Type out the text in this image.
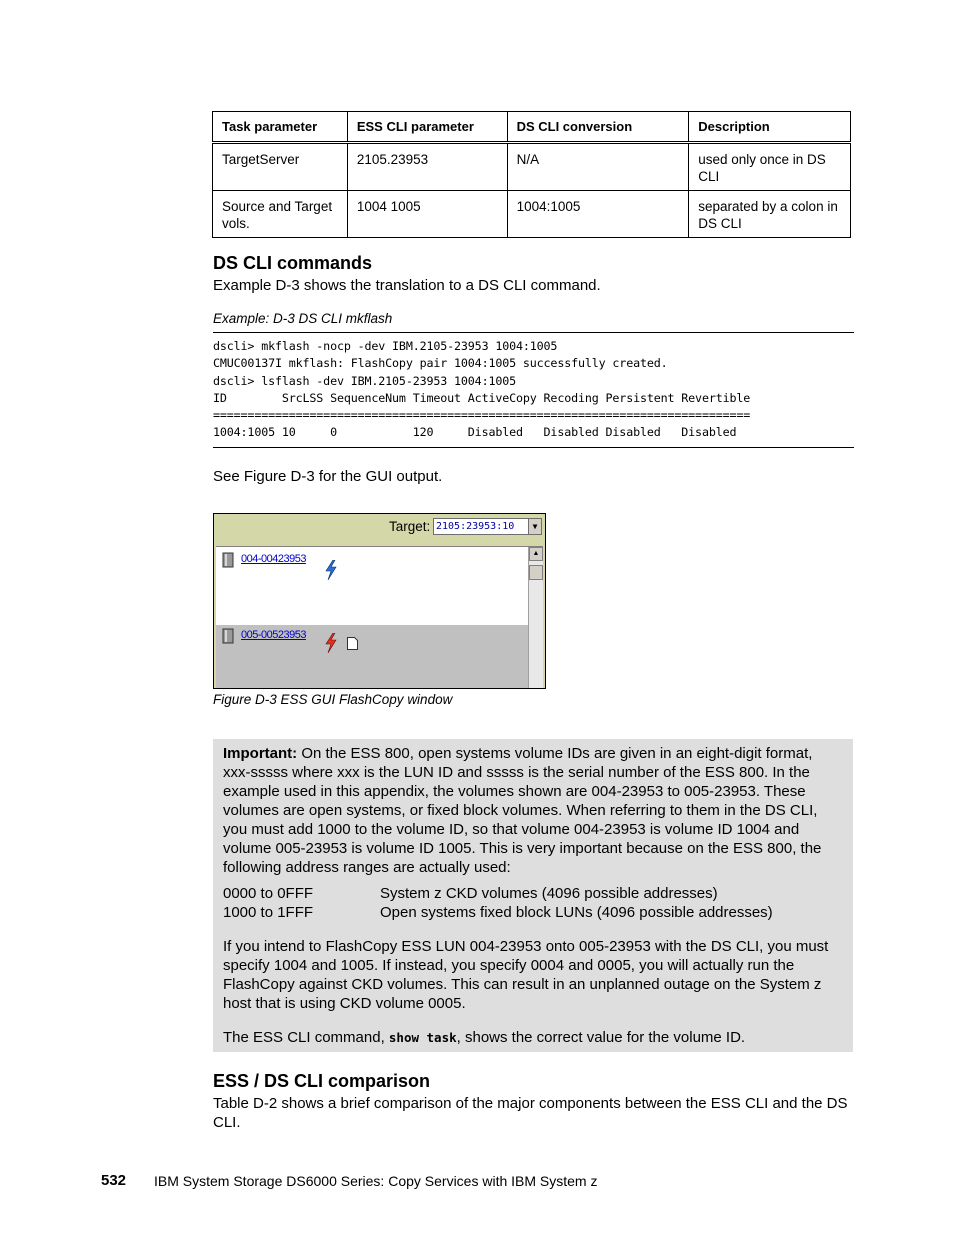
Task parameter	ESS CLI parameter	DS CLI conversion	Description
TargetServer	2105.23953	N/A	used only once in DS CLI
Source and Target vols.	1004 1005	1004:1005	separated by a colon in DS CLI
DS CLI commands

Example D-3 shows the translation to a DS CLI command.

Example: D-3 DS CLI mkflash
dscli> mkflash -nocp -dev IBM.2105-23953 1004:1005
CMUC00137I mkflash: FlashCopy pair 1004:1005 successfully created.
dscli> lsflash -dev IBM.2105-23953 1004:1005
ID        SrcLSS SequenceNum Timeout ActiveCopy Recoding Persistent Revertible
==============================================================================
1004:1005 10     0           120     Disabled   Disabled Disabled   Disabled

See Figure D-3 for the GUI output.

Target: 2105:23953:10	▼
004-00423953
005-00523953
▲
Figure D-3 ESS GUI FlashCopy window

Important: On the ESS 800, open systems volume IDs are given in an eight-digit format, xxx-sssss where xxx is the LUN ID and sssss is the serial number of the ESS 800. In the example used in this appendix, the volumes shown are 004-23953 to 005-23953. These volumes are open systems, or fixed block volumes. When referring to them in the DS CLI, you must add 1000 to the volume ID, so that volume 004-23953 is volume ID 1004 and volume 005-23953 is volume ID 1005. This is very important because on the ESS 800, the following address ranges are actually used:

0000 to 0FFF	System z CKD volumes (4096 possible addresses)
1000 to 1FFF	Open systems fixed block LUNs (4096 possible addresses)

If you intend to FlashCopy ESS LUN 004-23953 onto 005-23953 with the DS CLI, you must specify 1004 and 1005. If instead, you specify 0004 and 0005, you will actually run the FlashCopy against CKD volumes. This can result in an unplanned outage on the System z host that is using CKD volume 0005.

The ESS CLI command, show task, shows the correct value for the volume ID.

ESS / DS CLI comparison

Table D-2 shows a brief comparison of the major components between the ESS CLI and the DS CLI.

532 IBM System Storage DS6000 Series: Copy Services with IBM System z
